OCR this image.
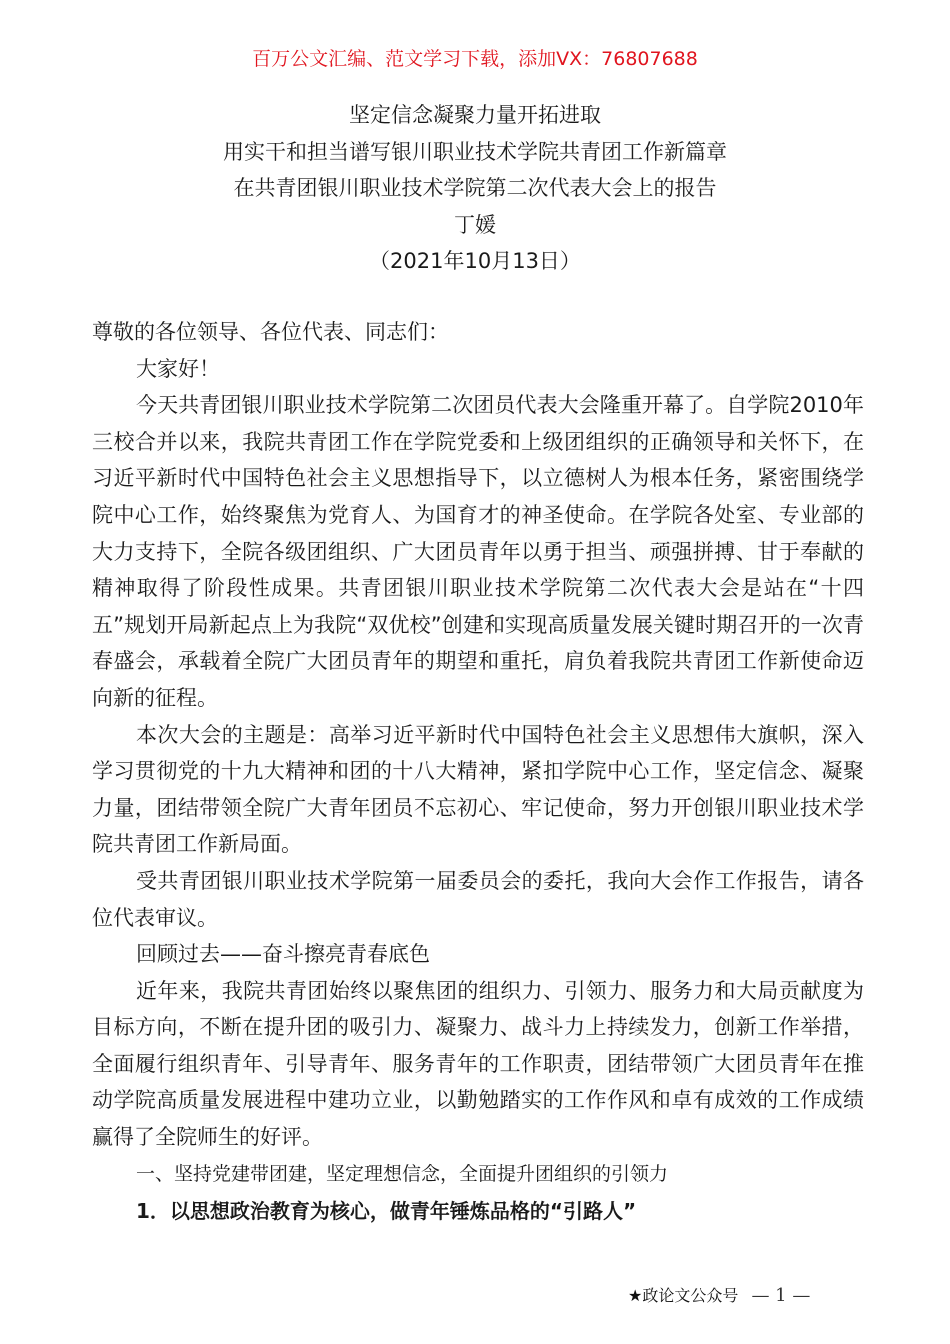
百万公文汇编、范文学习下载，添加VX：76807688
坚定信念凝聚力量开拓进取
用实干和担当谱写银川职业技术学院共青团工作新篇章
在共青团银川职业技术学院第二次代表大会上的报告
丁媛
（2021年10月13日）

尊敬的各位领导、各位代表、同志们：

大家好！

今天共青团银川职业技术学院第二次团员代表大会隆重开幕了。自学院2010年三校合并以来，我院共青团工作在学院党委和上级团组织的正确领导和关怀下，在习近平新时代中国特色社会主义思想指导下，以立德树人为根本任务，紧密围绕学院中心工作，始终聚焦为党育人、为国育才的神圣使命。在学院各处室、专业部的大力支持下，全院各级团组织、广大团员青年以勇于担当、顽强拼搏、甘于奉献的精神取得了阶段性成果。共青团银川职业技术学院第二次代表大会是站在“十四五”规划开局新起点上为我院“双优校”创建和实现高质量发展关键时期召开的一次青春盛会，承载着全院广大团员青年的期望和重托，肩负着我院共青团工作新使命迈向新的征程。

本次大会的主题是：高举习近平新时代中国特色社会主义思想伟大旗帜，深入学习贯彻党的十九大精神和团的十八大精神，紧扣学院中心工作，坚定信念、凝聚力量，团结带领全院广大青年团员不忘初心、牢记使命，努力开创银川职业技术学院共青团工作新局面。

受共青团银川职业技术学院第一届委员会的委托，我向大会作工作报告，请各位代表审议。

回顾过去——奋斗擦亮青春底色

近年来，我院共青团始终以聚焦团的组织力、引领力、服务力和大局贡献度为目标方向，不断在提升团的吸引力、凝聚力、战斗力上持续发力，创新工作举措，全面履行组织青年、引导青年、服务青年的工作职责，团结带领广大团员青年在推动学院高质量发展进程中建功立业，以勤勉踏实的工作作风和卓有成效的工作成绩赢得了全院师生的好评。

一、坚持党建带团建，坚定理想信念，全面提升团组织的引领力

1．以思想政治教育为核心，做青年锤炼品格的“引路人”

★政论文公众号 — 1 —
